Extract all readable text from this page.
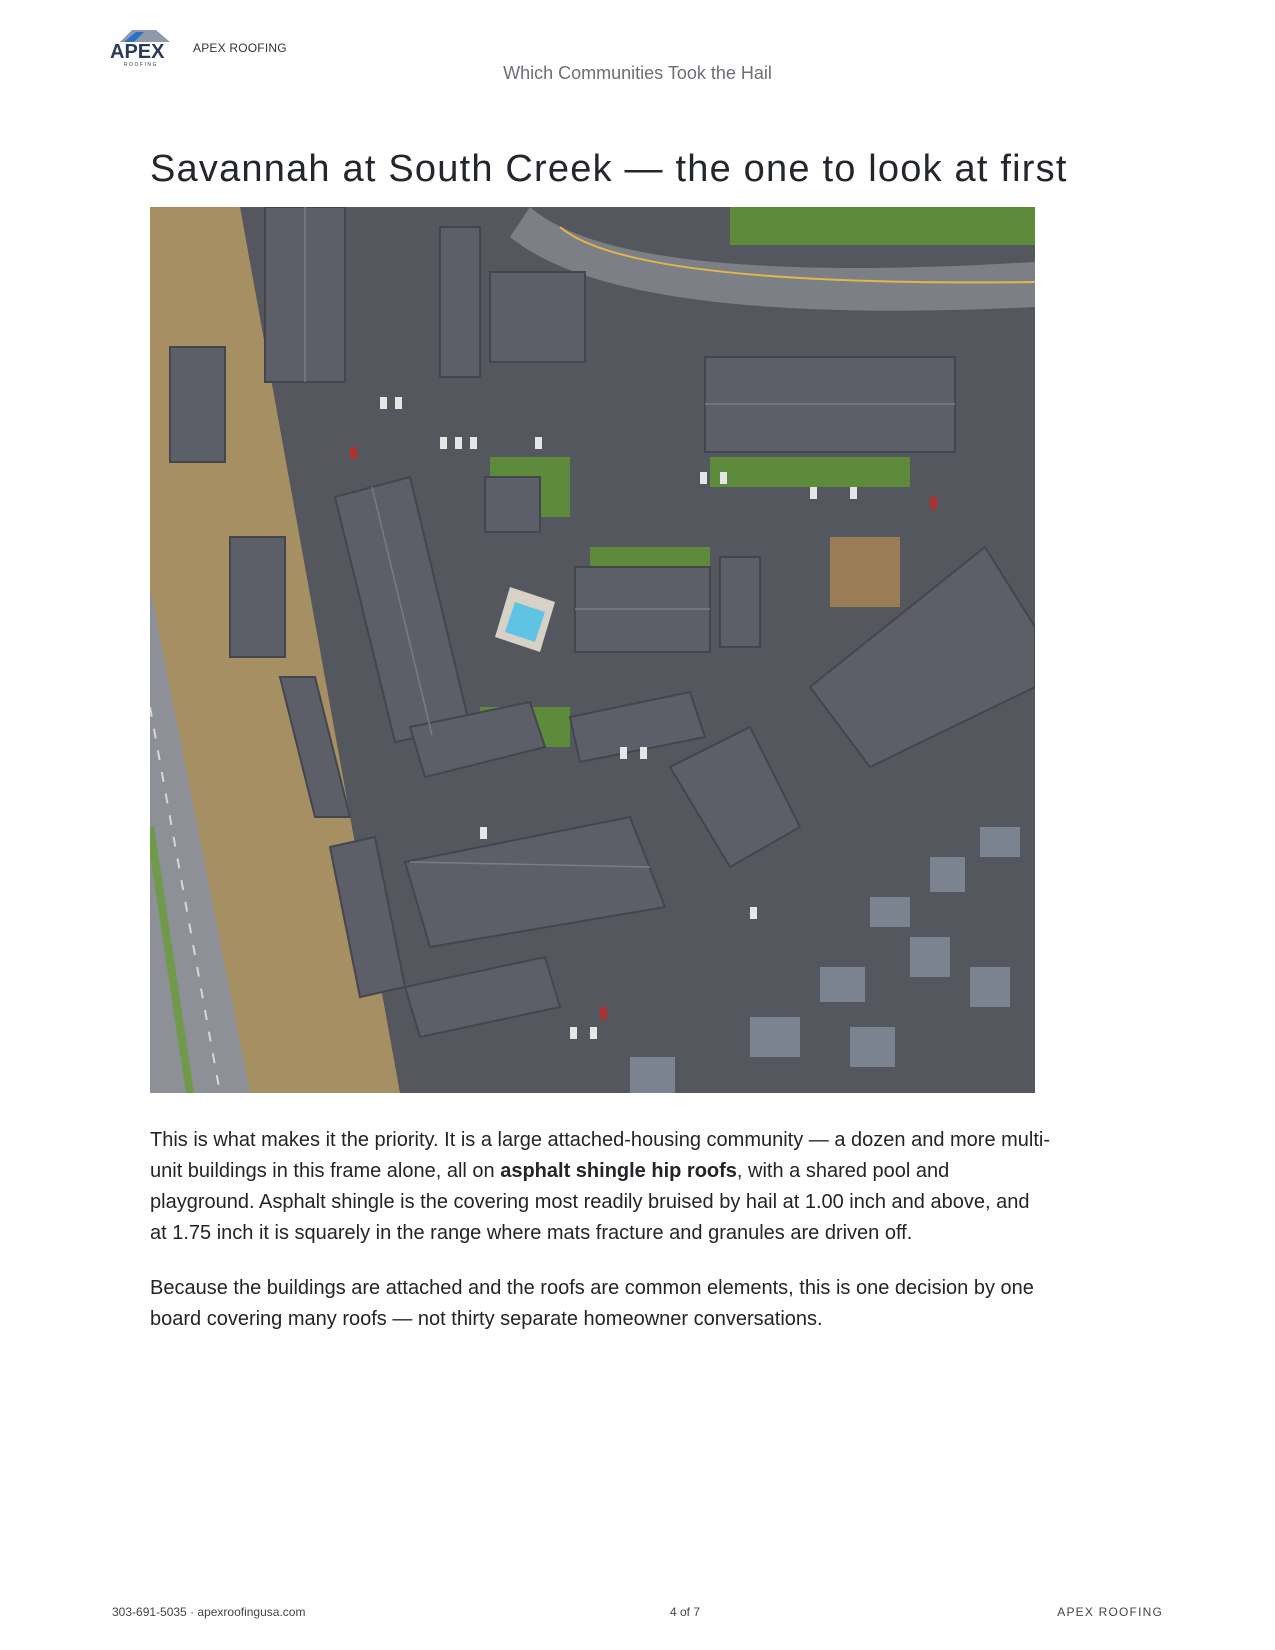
APEX
ROOFING
APEX ROOFING
Which Communities Took the Hail
Savannah at South Creek — the one to look at first

This is what makes it the priority. It is a large attached-housing community — a dozen and more multi-unit buildings in this frame alone, all on asphalt shingle hip roofs, with a shared pool and playground. Asphalt shingle is the covering most readily bruised by hail at 1.00 inch and above, and at 1.75 inch it is squarely in the range where mats fracture and granules are driven off.

Because the buildings are attached and the roofs are common elements, this is one decision by one board covering many roofs — not thirty separate homeowner conversations.

303-691-5035 · apexroofingusa.com	4 of 7	APEX ROOFING
